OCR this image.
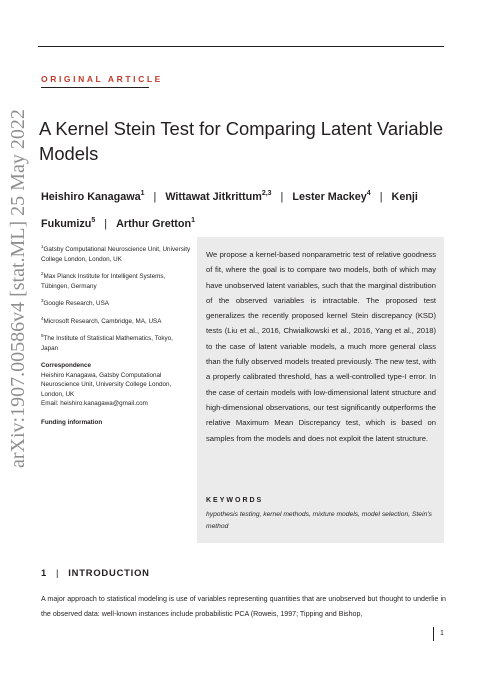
ORIGINAL ARTICLE
arXiv:1907.00586v4 [stat.ML] 25 May 2022 A Kernel Stein Test for Comparing Latent Variable Models
Heishiro Kanagawa$^1$ | Wittawat Jitkrittum$^{2,3}$ | Lester Mackey$^4$ | Kenji Fukumizu$^5$ | Arthur Gretton$^1$
$^1$Gatsby Computational Neuroscience Unit, University College London, London, UK
$^2$Max Planck Institute for Intelligent Systems, Tübingen, Germany
$^3$Google Research, USA
$^4$Microsoft Research, Cambridge, MA, USA
$^5$The Institute of Statistical Mathematics, Tokyo, Japan
Correspondence
Heishiro Kanagawa, Gatsby Computational Neuroscience Unit, University College London, London, UK
Email: heishiro.kanagawa@gmail.com
Funding information
We propose a kernel-based nonparametric test of relative goodness of fit, where the goal is to compare two models, both of which may have unobserved latent variables, such that the marginal distribution of the observed variables is intractable. The proposed test generalizes the recently proposed kernel Stein discrepancy (KSD) tests (Liu et al., 2016, Chwialkowski et al., 2016, Yang et al., 2018) to the case of latent variable models, a much more general class than the fully observed models treated previously. The new test, with a properly calibrated threshold, has a well-controlled type-I error. In the case of certain models with low-dimensional latent structure and high-dimensional observations, our test significantly outperforms the relative Maximum Mean Discrepancy test, which is based on samples from the models and does not exploit the latent structure.
KEYWORDS
hypothesis testing, kernel methods, mixture models, model selection, Stein's method
1 | INTRODUCTION
A major approach to statistical modeling is use of variables representing quantities that are unobserved but thought to underlie in the observed data: well-known instances include probabilistic PCA (Roweis, 1997; Tipping and Bishop,
1
